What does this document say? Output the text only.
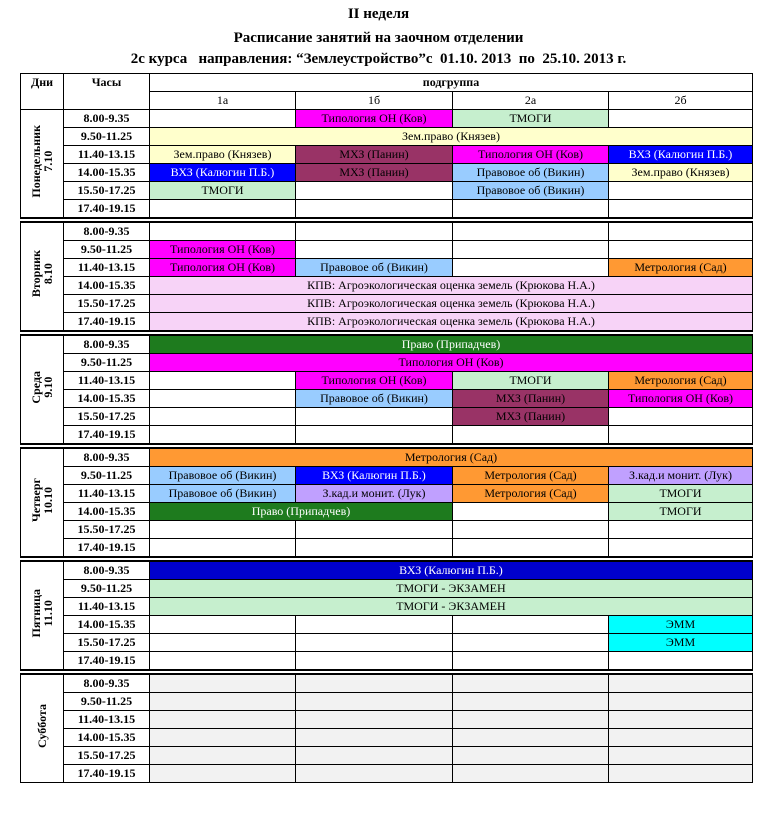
II неделя
Расписание занятий на заочном отделении
2с курса   направления: “Землеустройство”с  01.10. 2013  по  25.10. 2013 г.
Дни	Часы	подгруппа			
		1а	1б	2а	2б
Понедельник
7.10	8.00-9.35		Типология ОН (Ков)	ТМОГИ	
	9.50-11.25	Зем.право (Князев)			
	11.40-13.15	Зем.право (Князев)	МХЗ (Панин)	Типология ОН (Ков)	ВХЗ (Калюгин П.Б.)
	14.00-15.35	ВХЗ (Калюгин П.Б.)	МХЗ (Панин)	Правовое об (Викин)	Зем.право (Князев)
	15.50-17.25	ТМОГИ		Правовое об (Викин)	
	17.40-19.15				

Вторник
8.10	8.00-9.35				
	9.50-11.25	Типология ОН (Ков)			
	11.40-13.15	Типология ОН (Ков)	Правовое об (Викин)		Метрология (Сад)
	14.00-15.35	КПВ: Агроэкологическая оценка земель (Крюкова Н.А.)			
	15.50-17.25	КПВ: Агроэкологическая оценка земель (Крюкова Н.А.)			
	17.40-19.15	КПВ: Агроэкологическая оценка земель (Крюкова Н.А.)			

Среда
9.10	8.00-9.35	Право (Припадчев)			
	9.50-11.25	Типология ОН (Ков)			
	11.40-13.15		Типология ОН (Ков)	ТМОГИ	Метрология (Сад)
	14.00-15.35		Правовое об (Викин)	МХЗ (Панин)	Типология ОН (Ков)
	15.50-17.25			МХЗ (Панин)	
	17.40-19.15				

Четверг
10.10	8.00-9.35	Метрология (Сад)			
	9.50-11.25	Правовое об (Викин)	ВХЗ (Калюгин П.Б.)	Метрология (Сад)	З.кад.и монит. (Лук)
	11.40-13.15	Правовое об (Викин)	З.кад.и монит. (Лук)	Метрология (Сад)	ТМОГИ
	14.00-15.35	Право (Припадчев)			ТМОГИ
	15.50-17.25				
	17.40-19.15				

Пятница
11.10	8.00-9.35	ВХЗ (Калюгин П.Б.)			
	9.50-11.25	ТМОГИ - ЭКЗАМЕН			
	11.40-13.15	ТМОГИ - ЭКЗАМЕН			
	14.00-15.35				ЭММ
	15.50-17.25				ЭММ
	17.40-19.15				

Суббота	8.00-9.35				
	9.50-11.25				
	11.40-13.15				
	14.00-15.35				
	15.50-17.25				
	17.40-19.15				
